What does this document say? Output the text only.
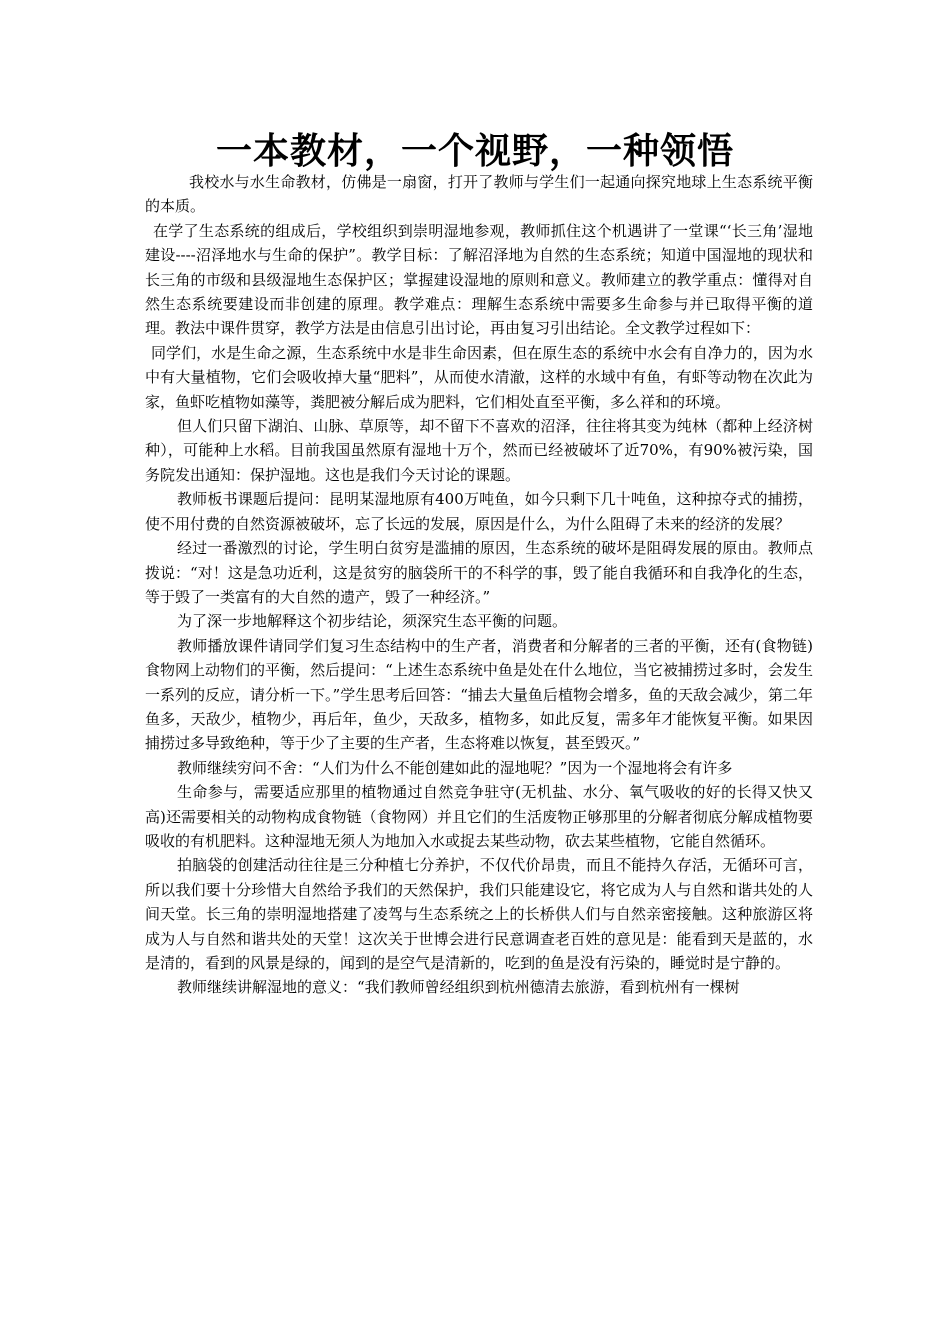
一本教材，一个视野，一种领悟

我校水与水生命教材，仿佛是一扇窗，打开了教师与学生们一起通向探究地球上生态系统平衡的本质。

在学了生态系统的组成后，学校组织到崇明湿地参观，教师抓住这个机遇讲了一堂课“‘长三角’湿地建设----沼泽地水与生命的保护”。教学目标：了解沼泽地为自然的生态系统；知道中国湿地的现状和长三角的市级和县级湿地生态保护区；掌握建设湿地的原则和意义。教师建立的教学重点：懂得对自然生态系统要建设而非创建的原理。教学难点：理解生态系统中需要多生命参与并已取得平衡的道理。教法中课件贯穿，教学方法是由信息引出讨论，再由复习引出结论。全文教学过程如下：

同学们，水是生命之源，生态系统中水是非生命因素，但在原生态的系统中水会有自净力的，因为水中有大量植物，它们会吸收掉大量“肥料”，从而使水清澈，这样的水域中有鱼，有虾等动物在次此为家，鱼虾吃植物如藻等，粪肥被分解后成为肥料，它们相处直至平衡，多么祥和的环境。

但人们只留下湖泊、山脉、草原等，却不留下不喜欢的沼泽，往往将其变为纯林（都种上经济树种），可能种上水稻。目前我国虽然原有湿地十万个，然而已经被破坏了近70%，有90%被污染，国务院发出通知：保护湿地。这也是我们今天讨论的课题。

教师板书课题后提问：昆明某湿地原有400万吨鱼，如今只剩下几十吨鱼，这种掠夺式的捕捞，使不用付费的自然资源被破坏，忘了长远的发展，原因是什么，为什么阻碍了未来的经济的发展？

经过一番激烈的讨论，学生明白贫穷是滥捕的原因，生态系统的破坏是阻碍发展的原由。教师点拨说：“对！这是急功近利，这是贫穷的脑袋所干的不科学的事，毁了能自我循环和自我净化的生态，等于毁了一类富有的大自然的遗产，毁了一种经济。”

为了深一步地解释这个初步结论，须深究生态平衡的问题。

教师播放课件请同学们复习生态结构中的生产者，消费者和分解者的三者的平衡，还有(食物链)食物网上动物们的平衡，然后提问：“上述生态系统中鱼是处在什么地位，当它被捕捞过多时，会发生一系列的反应，请分析一下。”学生思考后回答：“捕去大量鱼后植物会增多，鱼的天敌会减少，第二年鱼多，天敌少，植物少，再后年，鱼少，天敌多，植物多，如此反复，需多年才能恢复平衡。如果因捕捞过多导致绝种，等于少了主要的生产者，生态将难以恢复，甚至毁灭。”

教师继续穷问不舍：“人们为什么不能创建如此的湿地呢？”因为一个湿地将会有许多

生命参与，需要适应那里的植物通过自然竞争驻守(无机盐、水分、氧气吸收的好的长得又快又高)还需要相关的动物构成食物链（食物网）并且它们的生活废物正够那里的分解者彻底分解成植物要吸收的有机肥料。这种湿地无须人为地加入水或捉去某些动物，砍去某些植物，它能自然循环。

拍脑袋的创建活动往往是三分种植七分养护，不仅代价昂贵，而且不能持久存活，无循环可言，所以我们要十分珍惜大自然给予我们的天然保护，我们只能建设它，将它成为人与自然和谐共处的人间天堂。长三角的崇明湿地搭建了凌驾与生态系统之上的长桥供人们与自然亲密接触。这种旅游区将成为人与自然和谐共处的天堂！这次关于世博会进行民意调查老百姓的意见是：能看到天是蓝的，水是清的，看到的风景是绿的，闻到的是空气是清新的，吃到的鱼是没有污染的，睡觉时是宁静的。

教师继续讲解湿地的意义：“我们教师曾经组织到杭州德清去旅游，看到杭州有一棵树
